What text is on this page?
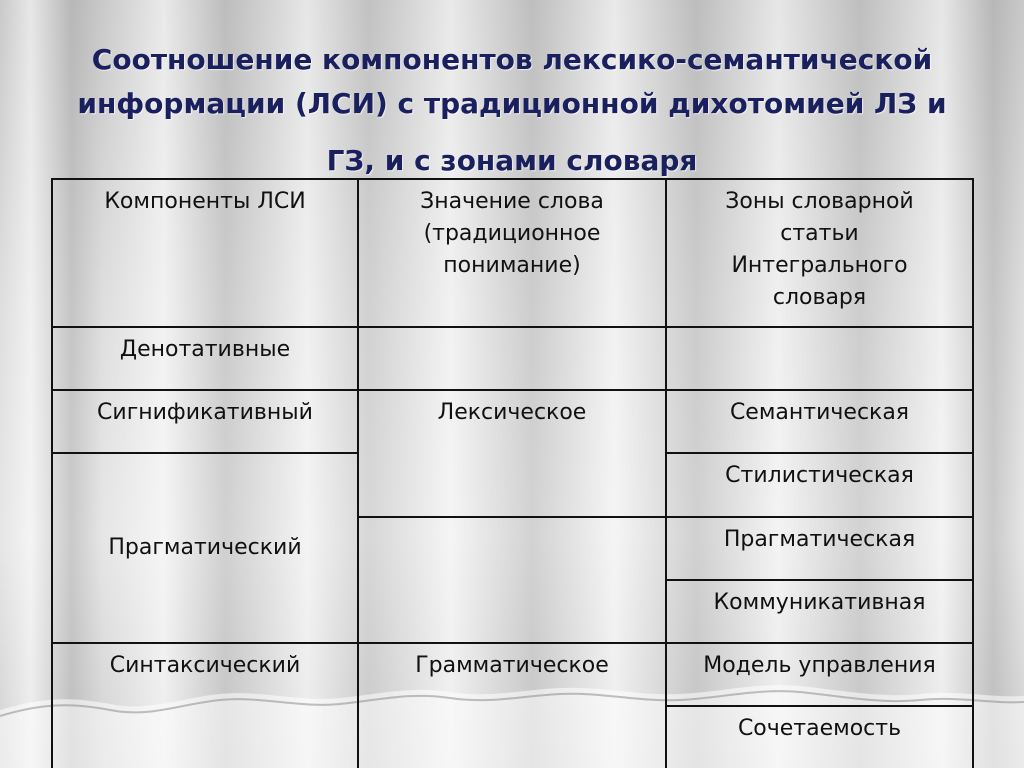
Соотношение компонентов лексико-семантической
информации (ЛСИ) с традиционной дихотомией ЛЗ и
ГЗ, и с зонами словаря
Компоненты ЛСИ	Значение слова
(традиционное
понимание)
Зоны словарной
статьи
Интегрального
словаря
Денотативные
Сигнификативный
Прагматический
Синтаксический
Лексическое
Грамматическое
Семантическая
Стилистическая
Прагматическая
Коммуникативная
Модель управления
Сочетаемость
